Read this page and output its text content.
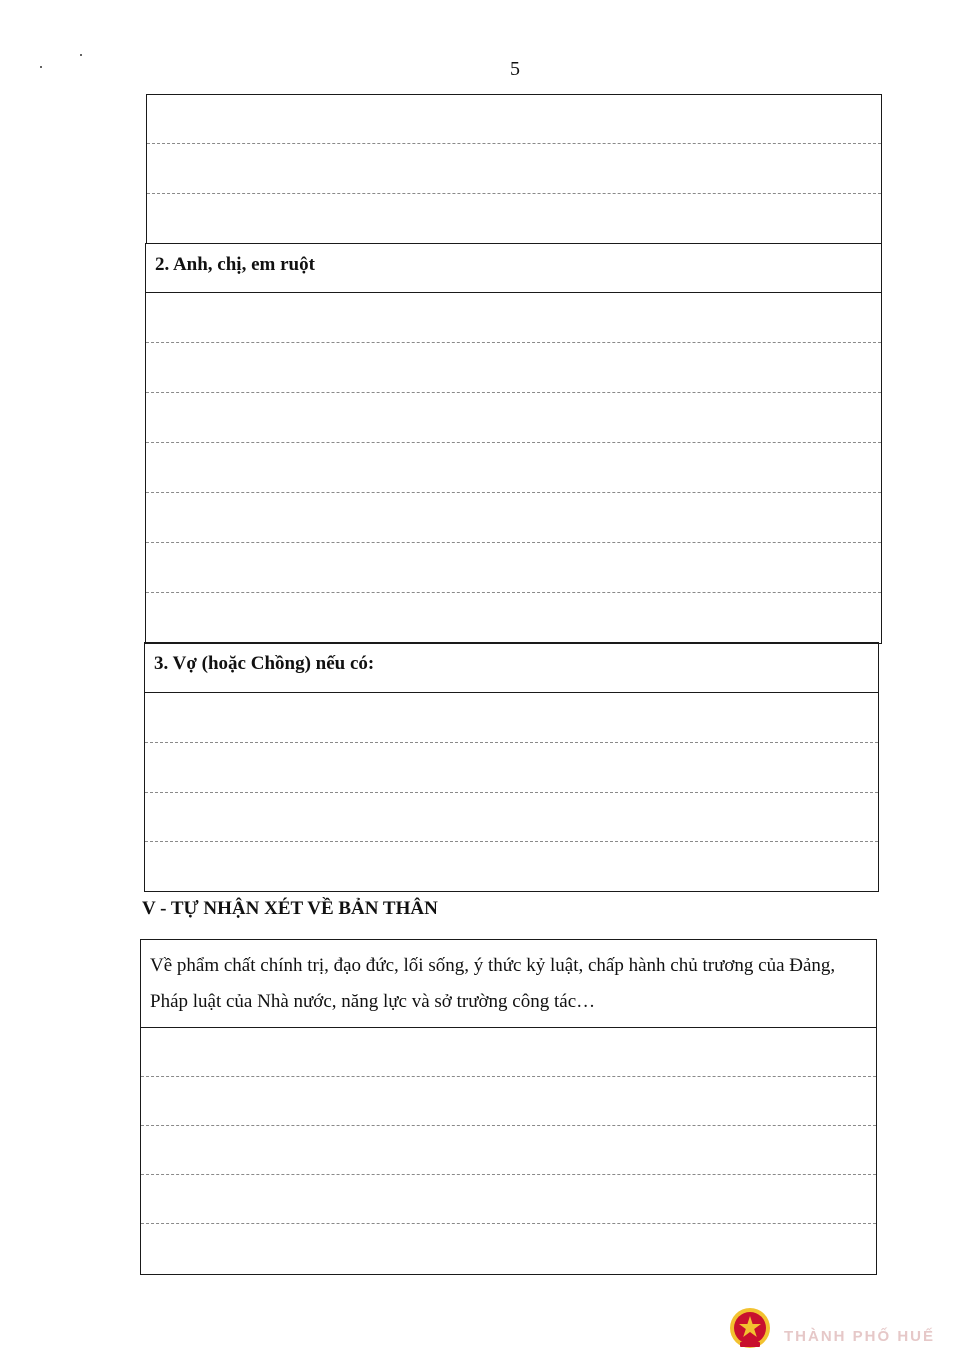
5
2. Anh, chị, em ruột
3. Vợ (hoặc Chồng) nếu có:
V - TỰ NHẬN XÉT VỀ BẢN THÂN
Về phẩm chất chính trị, đạo đức, lối sống, ý thức kỷ luật, chấp hành chủ trương của Đảng, Pháp luật của Nhà nước, năng lực và sở trường công tác…
THÀNH PHỐ HUẾ
